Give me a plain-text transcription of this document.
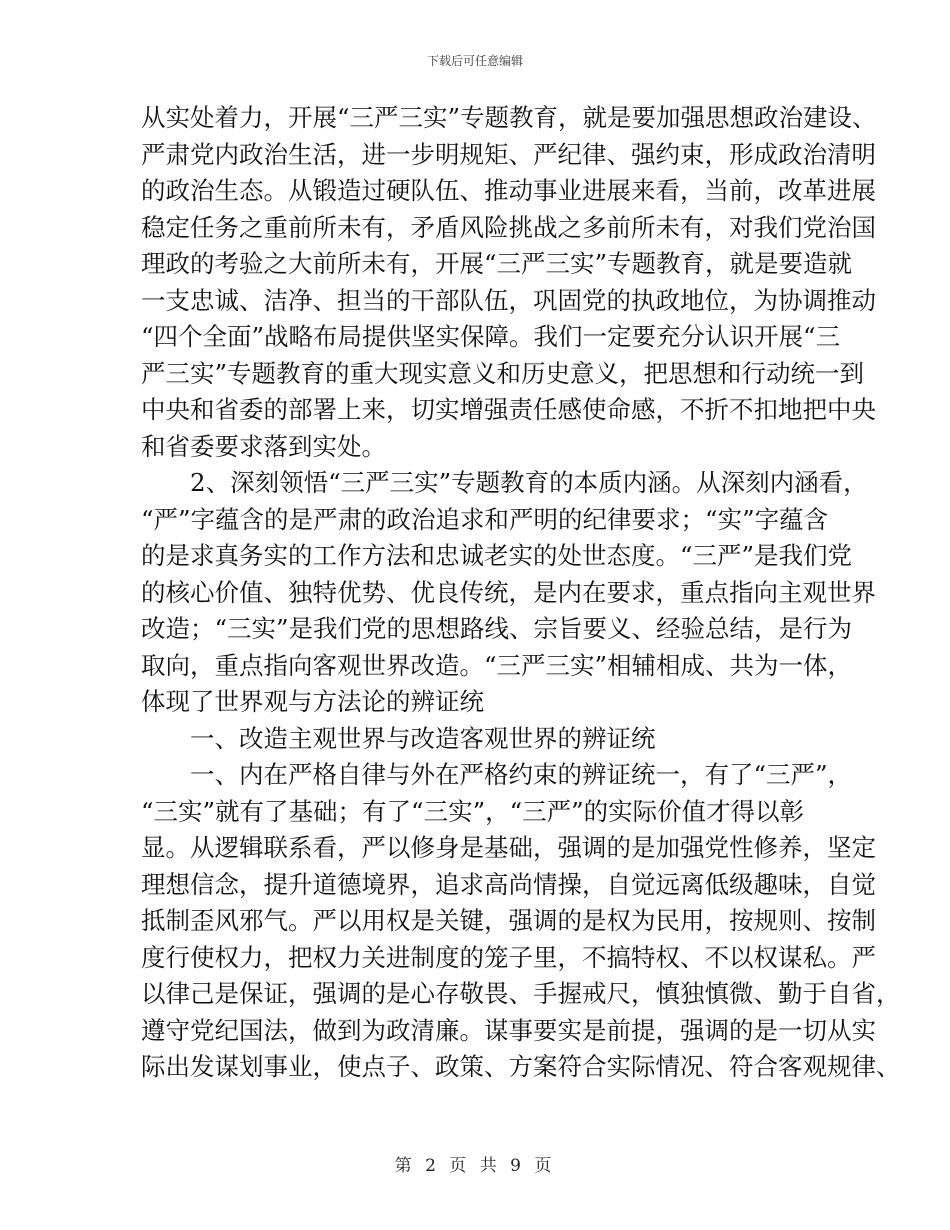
下载后可任意编辑
从实处着力，开展“三严三实”专题教育，就是要加强思想政治建设、
严肃党内政治生活，进一步明规矩、严纪律、强约束，形成政治清明
的政治生态。从锻造过硬队伍、推动事业进展来看，当前，改革进展
稳定任务之重前所未有，矛盾风险挑战之多前所未有，对我们党治国
理政的考验之大前所未有，开展“三严三实”专题教育，就是要造就
一支忠诚、洁净、担当的干部队伍，巩固党的执政地位，为协调推动
“四个全面”战略布局提供坚实保障。我们一定要充分认识开展“三
严三实”专题教育的重大现实意义和历史意义，把思想和行动统一到
中央和省委的部署上来，切实增强责任感使命感，不折不扣地把中央
和省委要求落到实处。
2、深刻领悟“三严三实”专题教育的本质内涵。从深刻内涵看，
“严”字蕴含的是严肃的政治追求和严明的纪律要求；“实”字蕴含
的是求真务实的工作方法和忠诚老实的处世态度。“三严”是我们党
的核心价值、独特优势、优良传统，是内在要求，重点指向主观世界
改造；“三实”是我们党的思想路线、宗旨要义、经验总结，是行为
取向，重点指向客观世界改造。“三严三实”相辅相成、共为一体，
体现了世界观与方法论的辨证统
一、改造主观世界与改造客观世界的辨证统
一、内在严格自律与外在严格约束的辨证统一，有了“三严”，
“三实”就有了基础；有了“三实”，“三严”的实际价值才得以彰
显。从逻辑联系看，严以修身是基础，强调的是加强党性修养，坚定
理想信念，提升道德境界，追求高尚情操，自觉远离低级趣味，自觉
抵制歪风邪气。严以用权是关键，强调的是权为民用，按规则、按制
度行使权力，把权力关进制度的笼子里，不搞特权、不以权谋私。严
以律己是保证，强调的是心存敬畏、手握戒尺，慎独慎微、勤于自省，
遵守党纪国法，做到为政清廉。谋事要实是前提，强调的是一切从实
际出发谋划事业，使点子、政策、方案符合实际情况、符合客观规律、
第 2 页 共 9 页
